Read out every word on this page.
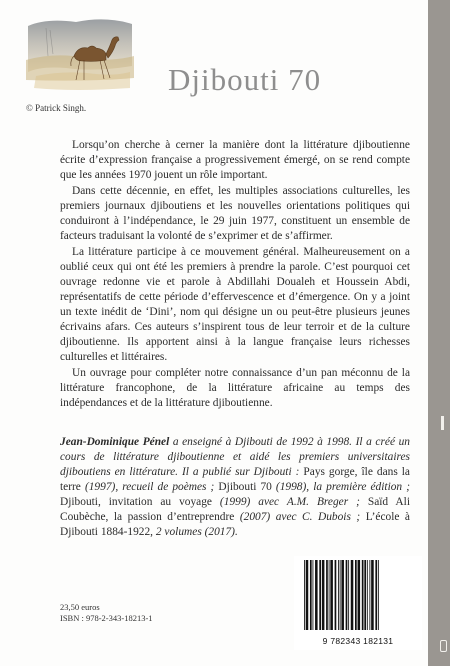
© Patrick Singh.
Djibouti 70

Lorsqu’on cherche à cerner la manière dont la littérature djiboutienne écrite d’expression française a progressivement émergé, on se rend compte que les années 1970 jouent un rôle important.

Dans cette décennie, en effet, les multiples associations culturelles, les premiers journaux djiboutiens et les nouvelles orientations politiques qui conduiront à l’indépendance, le 29 juin 1977, constituent un ensemble de facteurs traduisant la volonté de s’exprimer et de s’affirmer.

La littérature participe à ce mouvement général. Malheureusement on a oublié ceux qui ont été les premiers à prendre la parole. C’est pourquoi cet ouvrage redonne vie et parole à Abdillahi Doualeh et Houssein Abdi, représentatifs de cette période d’effervescence et d’émergence. On y a joint un texte inédit de ‘Dini’, nom qui désigne un ou peut-être plusieurs jeunes écrivains afars. Ces auteurs s’inspirent tous de leur terroir et de la culture djiboutienne. Ils apportent ainsi à la langue française leurs richesses culturelles et littéraires.

Un ouvrage pour compléter notre connaissance d’un pan méconnu de la littérature francophone, de la littérature africaine au temps des indépendances et de la littérature djiboutienne.

Jean-Dominique Pénel a enseigné à Djibouti de 1992 à 1998. Il a créé un cours de littérature djiboutienne et aidé les premiers universitaires djiboutiens en littérature. Il a publié sur Djibouti : Pays gorge, île dans la terre (1997), recueil de poèmes ; Djibouti 70 (1998), la première édition ; Djibouti, invitation au voyage (1999) avec A.M. Breger ; Saïd Ali Coubèche, la passion d’entreprendre (2007) avec C. Dubois ; L’école à Djibouti 1884-1922, 2 volumes (2017).

23,50 euros
ISBN : 978-2-343-18213-1
9 782343 182131
